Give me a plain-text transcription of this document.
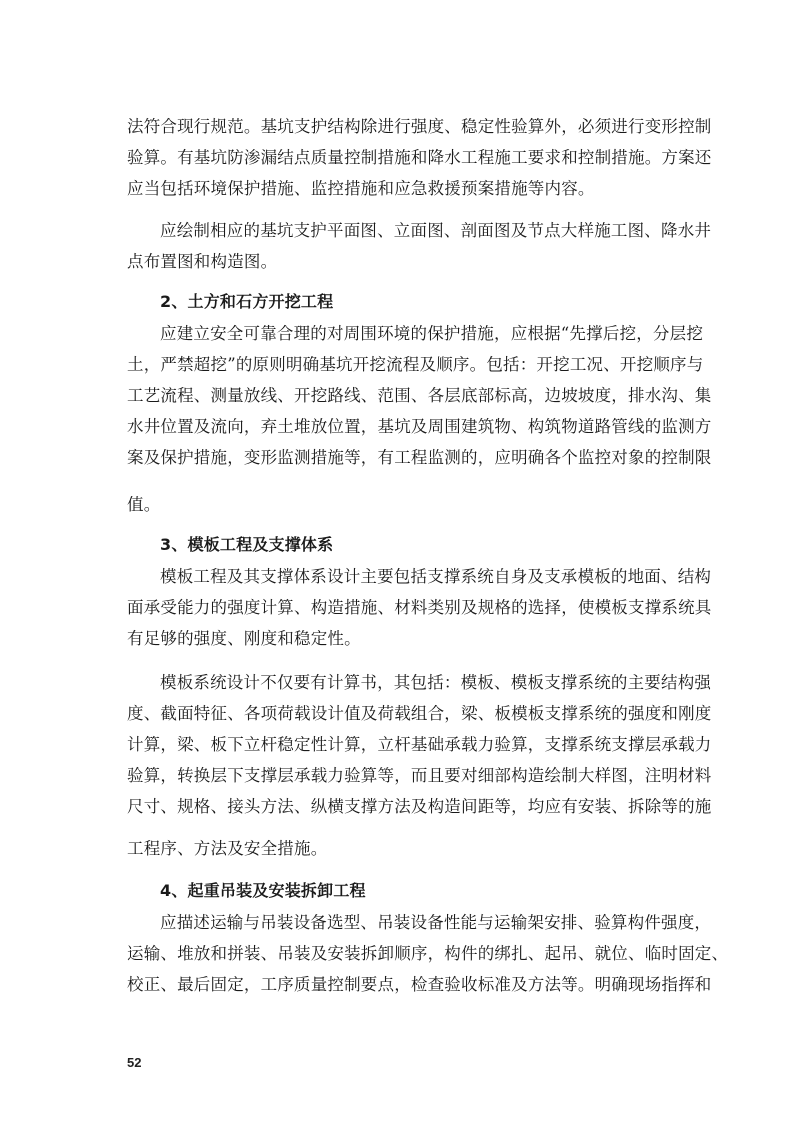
法符合现行规范。基坑支护结构除进行强度、稳定性验算外，必须进行变形控制
验算。有基坑防渗漏结点质量控制措施和降水工程施工要求和控制措施。方案还
应当包括环境保护措施、监控措施和应急救援预案措施等内容。
应绘制相应的基坑支护平面图、立面图、剖面图及节点大样施工图、降水井
点布置图和构造图。
2、土方和石方开挖工程
应建立安全可靠合理的对周围环境的保护措施，应根据“先撑后挖，分层挖
土，严禁超挖”的原则明确基坑开挖流程及顺序。包括：开挖工况、开挖顺序与
工艺流程、测量放线、开挖路线、范围、各层底部标高，边坡坡度，排水沟、集
水井位置及流向，弃土堆放位置，基坑及周围建筑物、构筑物道路管线的监测方
案及保护措施，变形监测措施等，有工程监测的，应明确各个监控对象的控制限
值。
3、模板工程及支撑体系
模板工程及其支撑体系设计主要包括支撑系统自身及支承模板的地面、结构
面承受能力的强度计算、构造措施、材料类别及规格的选择，使模板支撑系统具
有足够的强度、刚度和稳定性。
模板系统设计不仅要有计算书，其包括：模板、模板支撑系统的主要结构强
度、截面特征、各项荷载设计值及荷载组合，梁、板模板支撑系统的强度和刚度
计算，梁、板下立杆稳定性计算，立杆基础承载力验算，支撑系统支撑层承载力
验算，转换层下支撑层承载力验算等，而且要对细部构造绘制大样图，注明材料
尺寸、规格、接头方法、纵横支撑方法及构造间距等，均应有安装、拆除等的施
工程序、方法及安全措施。
4、起重吊装及安装拆卸工程
应描述运输与吊装设备选型、吊装设备性能与运输架安排、验算构件强度，
运输、堆放和拼装、吊装及安装拆卸顺序，构件的绑扎、起吊、就位、临时固定、
校正、最后固定，工序质量控制要点，检查验收标准及方法等。明确现场指挥和
52
